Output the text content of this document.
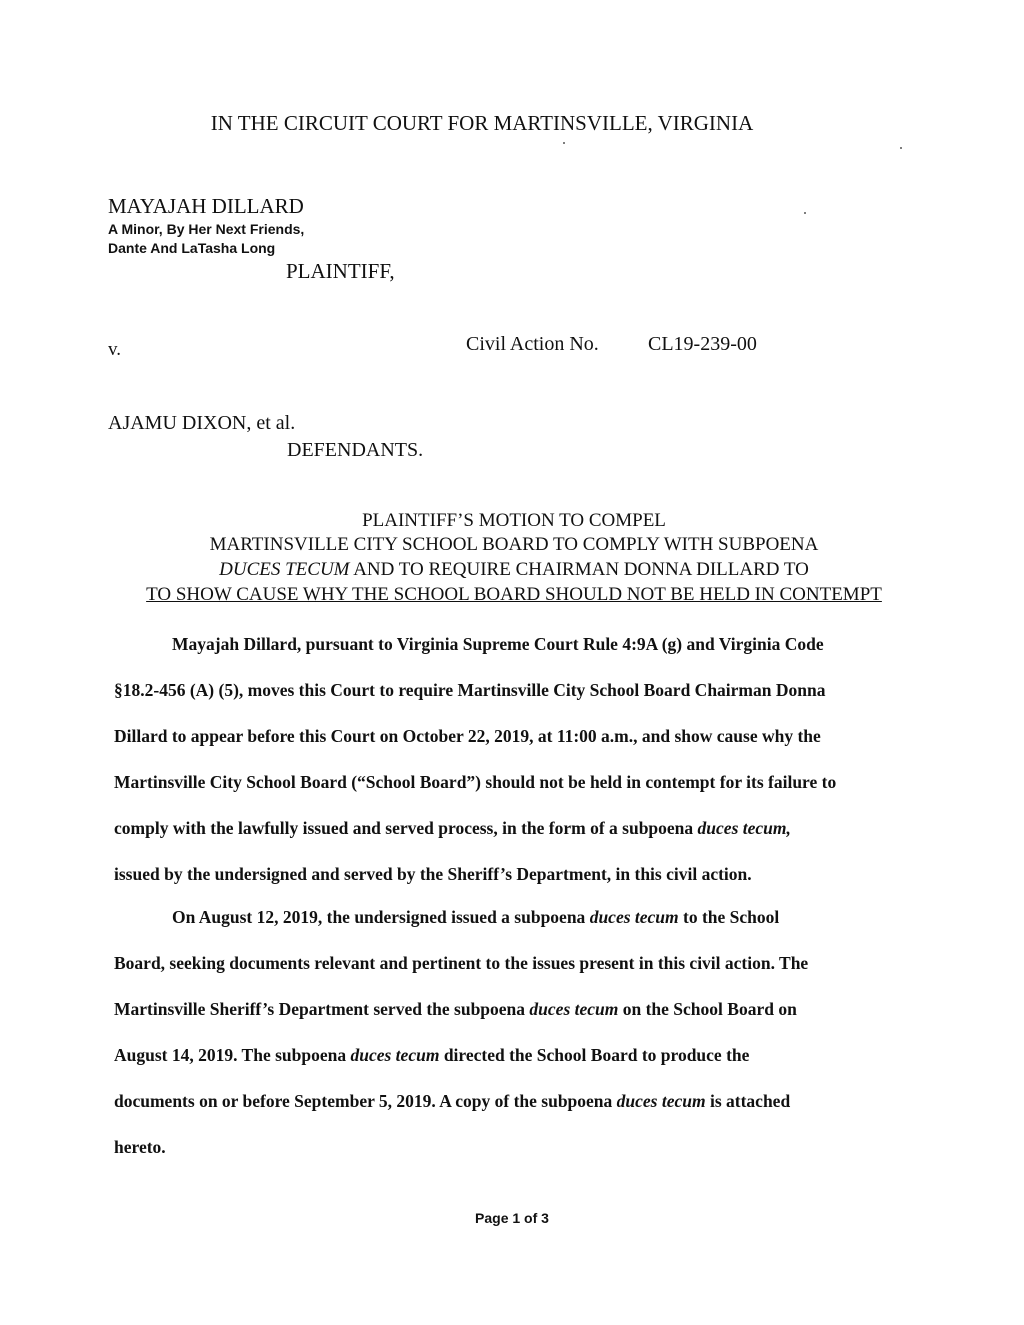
IN THE CIRCUIT COURT FOR MARTINSVILLE, VIRGINIA
MAYAJAH DILLARD
A Minor, By Her Next Friends,
Dante And LaTasha Long
PLAINTIFF,
v.	Civil Action No. CL19-239-00
AJAMU DIXON, et al.
DEFENDANTS.
PLAINTIFF’S MOTION TO COMPEL
MARTINSVILLE CITY SCHOOL BOARD TO COMPLY WITH SUBPOENA
DUCES TECUM AND TO REQUIRE CHAIRMAN DONNA DILLARD TO
TO SHOW CAUSE WHY THE SCHOOL BOARD SHOULD NOT BE HELD IN CONTEMPT
Mayajah Dillard, pursuant to Virginia Supreme Court Rule 4:9A (g) and Virginia Code
§18.2-456 (A) (5), moves this Court to require Martinsville City School Board Chairman Donna
Dillard to appear before this Court on October 22, 2019, at 11:00 a.m., and show cause why the
Martinsville City School Board (“School Board”) should not be held in contempt for its failure to
comply with the lawfully issued and served process, in the form of a subpoena duces tecum,
issued by the undersigned and served by the Sheriff’s Department, in this civil action.
On August 12, 2019, the undersigned issued a subpoena duces tecum to the School
Board, seeking documents relevant and pertinent to the issues present in this civil action. The
Martinsville Sheriff’s Department served the subpoena duces tecum on the School Board on
August 14, 2019. The subpoena duces tecum directed the School Board to produce the
documents on or before September 5, 2019. A copy of the subpoena duces tecum is attached
hereto.
Page 1 of 3
